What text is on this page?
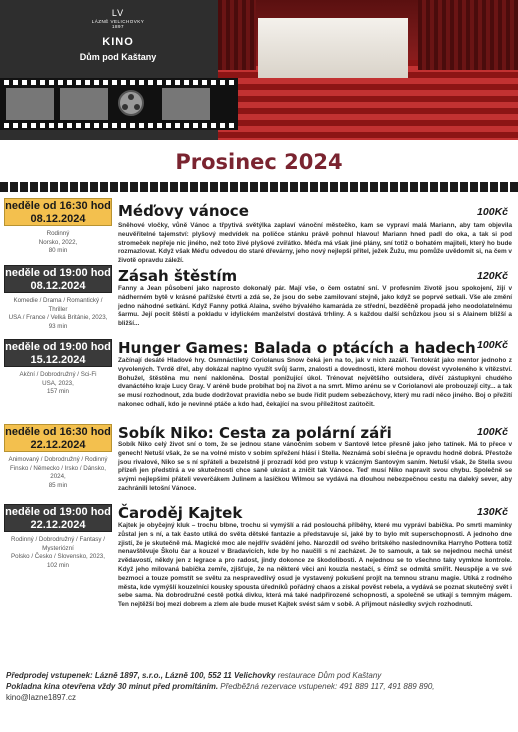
LV
LÁZNĚ VELICHOVKY 1897
KINO
Dům pod Kaštany
Prosinec 2024
neděle od 16:30 hod
08.12.2024
Rodinný
Norsko, 2022,
80 min
Méďovy vánoce	100Kč
Sněhové vločky, vůně Vánoc a třpytivá světýlka zaplaví vánoční městečko, kam se vypraví malá Mariann, aby tam objevila neuvěřitelné tajemství: plyšový medvídek na poličce stánku právě pohnul hlavou! Mariann hned padl do oka, a tak si pod stromeček nepřeje nic jiného, než toto živé plyšové zvířátko. Méďa má však jiné plány, sní totiž o bohatém majiteli, který ho bude rozmazlovat. Když však Méďu odvedou do staré dřevárny, jeho nový nejlepší přítel, ježek Žužu, mu pomůže uvědomit si, na čem v životě opravdu záleží.
neděle od 19:00 hod
08.12.2024
Komedie / Drama / Romantický /
Thriller
USA / France / Velká Británie, 2023,
93 min
Zásah štěstím	120Kč
Fanny a Jean působení jako naprosto dokonalý pár. Mají vše, o čem ostatní sní. V profesním životě jsou spokojení, žijí v nádherném bytě v krásné pařížské čtvrti a zdá se, že jsou do sebe zamilovaní stejně, jako když se poprvé setkali. Vše ale změní jedno náhodné setkání. Když Fanny potká Alaina, svého bývalého kamaráda ze střední, bezděčně propadá jeho neodolatelnému šarmu. Její pocit štěstí a pokladu v idylickém manželství dostává trhliny. A s každou další schůzkou jsou si s Alainem bližší a bližší...
neděle od 19:00 hod
15.12.2024
Akční / Dobrodružný / Sci-Fi
USA, 2023,
157 min
Hunger Games: Balada o ptácích a hadech 100Kč
Začínají desáté Hladové hry. Osmnáctiletý Coriolanus Snow čeká jen na to, jak v nich zazáří. Tentokrát jako mentor jednoho z vyvolených. Tvrdě dřel, aby dokázal naplno využít svůj šarm, znalosti a dovednosti, které mohou dovést vyvoleného k vítězství. Bohužel, štěstěna mu není nakloněna. Dostal ponižující úkol. Trénovat největšího outsidera, dívčí zástupkyni chudého dvanáctého kraje Lucy Gray. V aréně bude probíhat boj na život a na smrt. Mimo arénu se v Coriolanovi ale probouzejí city... a tak se musí rozhodnout, zda bude dodržovat pravidla nebo se bude řídit pudem sebezáchovy, který mu radí něco jiného. Boj o přežití nakonec odhalí, kdo je nevinné ptáče a kdo had, čekající na svou příležitost zaútočit.
neděle od 16:30 hod
22.12.2024
Animovaný / Dobrodružný / Rodinný
Finsko / Německo / Irsko / Dánsko,
2024,
85 min
Sobík Niko: Cesta za polární záři	100Kč
Sobík Niko celý život sní o tom, že se jednou stane vánočním sobem v Santově letce přesně jako jeho tatínek. Má to přece v genech! Netuší však, že se na volné místo v sobím spřežení hlásí i Stella. Neznámá sobí slečna je opravdu hodně dobrá. Přestože jsou rivalové, Niko se s ní spřáteli a bezelstně jí prozradí kód pro vstup k vzácným Santovým saním. Netuší však, že Stella svou přízeň jen předstírá a ve skutečnosti chce saně ukrást a zničit tak Vánoce. Teď musí Niko napravit svou chybu. Společně se svými nejlepšími přáteli veverčákem Julinem a lasičkou Wilmou se vydává na dlouhou nebezpečnou cestu na daleký sever, aby zachránili letošní Vánoce.
neděle od 19:00 hod
22.12.2024
Rodinný / Dobrodružný / Fantasy /
Mysteriózní
Polsko / Česko / Slovensko, 2023,
102 min
Čaroděj Kajtek	130Kč
Kajtek je obyčejný kluk – trochu blbne, trochu si vymýšlí a rád poslouchá příběhy, které mu vypráví babička. Po smrti maminky zůstal jen s ní, a tak často utíká do světa dětské fantazie a představuje si, jaké by to bylo mít superschopnosti. A jednoho dne zjistí, že je skutečně má. Magické moc ale nejdřív svádění jeho. Narozdíl od svého britského naslednovníka Harryho Pottera totiž nenavštěvuje Školu čar a kouzel v Bradavicích, kde by ho naučili s ní zacházet. Je to samouk, a tak se nejednou nechá unést zvědavostí, někdy jen z legrace a pro radost, jindy dokonce ze škodolibosti. A nejednou se to všechno taky vymkne kontrole. Když jeho milovaná babička zemře, zjišťuje, že na některé věci ani kouzla nestačí, s čímž se odmítá smířit. Neuspěje a ve své bezmoci a touze pomstít se světu za nespravedlivý osud je vystavený pokušení projít na temnou stranu magie. Utíká z rodného města, kde vymýšlí kouzelníci kousky spousta úředníků pořádný chaos a získal pověst rebela, a vydává se poznat skutečný svět i sebe sama. Na dobrodružné cestě potká divku, která má také nadpřirozené schopnosti, a společně se utkají s temným mágem. Ten nejtěžší boj mezi dobrem a zlem ale bude muset Kajtek svést sám v sobě. A přijmout následky svých rozhodnutí.
Předprodej vstupenek: Lázně 1897, s.r.o., Lázně 100, 552 11 Velichovky restaurace Dům pod Kaštany
Pokladna kina otevřena vždy 30 minut před promítáním. Předběžná rezervace vstupenek: 491 889 117, 491 889 890,
kino@lazne1897.cz
